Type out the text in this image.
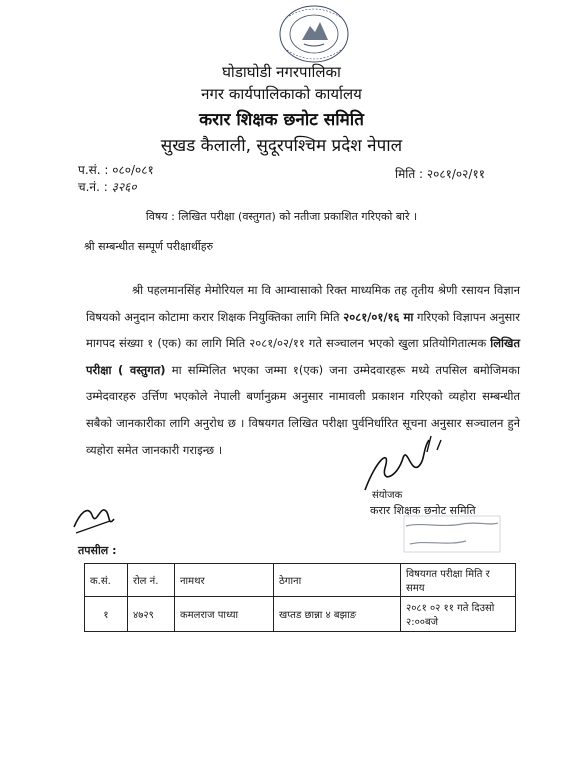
घोडाघोडी नगरपालिका
नगर कार्यपालिकाको कार्यालय
करार शिक्षक छनोट समिति
सुखड कैलाली, सुदूरपश्चिम प्रदेश नेपाल
प.सं. : ०८०/०८१
च.नं. : ३२६०
मिति : २०८१/०२/११
विषय : लिखित परीक्षा (वस्तुगत) को नतीजा प्रकाशित गरिएको बारे ।
श्री सम्बन्धीत सम्पूर्ण परीक्षार्थीहरु
श्री पहलमानसिंह मेमोरियल मा वि आम्वासाको रिक्त माध्यमिक तह तृतीय श्रेणी रसायन विज्ञान विषयको अनुदान कोटामा करार शिक्षक नियुक्तिका लागि मिति २०८१/०१/१६ मा गरिएको विज्ञापन अनुसार मागपद संख्या १ (एक) का लागि मिति २०८१/०२/११ गते सञ्चालन भएको खुला प्रतियोगितात्मक लिखित परीक्षा ( वस्तुगत) मा सम्मिलित भएका जम्मा १(एक) जना उम्मेदवारहरू मध्ये तपसिल बमोजिमका उम्मेदवारहरु उर्त्तिण भएकोले नेपाली बर्णानुक्रम अनुसार नामावली प्रकाशन गरिएको व्यहोरा सम्बन्धीत सबैको जानकारीका लागि अनुरोध छ । विषयगत लिखित परीक्षा पुर्वनिर्धारित सूचना अनुसार सञ्चालन हुने व्यहोरा समेत जानकारी गराइन्छ ।
संयोजक
करार शिक्षक छनोट समिति
तपसील :
क.सं.	रोल नं.	नामथर	ठेगाना	विषयगत परीक्षा मिति र समय
१	४७२९	कमलराज पाध्या	खप्तड छान्ना ४ बझाङ	२०८१ ०२ ११ गते दिउसो २:००बजे
